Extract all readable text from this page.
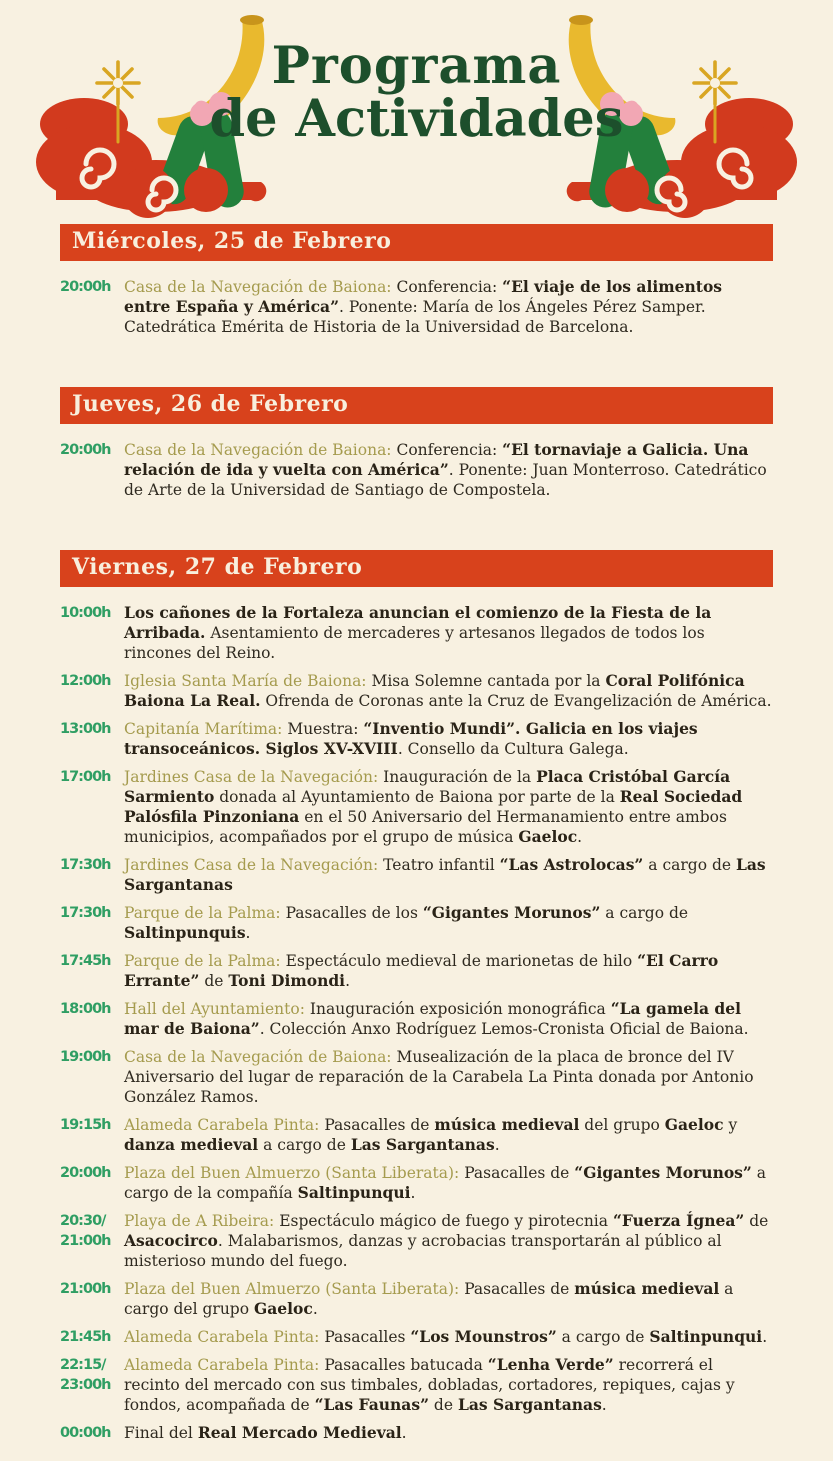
Programa
de Actividades
Miércoles, 25 de Febrero
20:00h Casa de la Navegación de Baiona: Conferencia: “El viaje de los alimentos entre España y América”. Ponente: María de los Ángeles Pérez Samper. Catedrática Emérita de Historia de la Universidad de Barcelona.
Jueves, 26 de Febrero
20:00h Casa de la Navegación de Baiona: Conferencia: “El tornaviaje a Galicia. Una relación de ida y vuelta con América”. Ponente: Juan Monterroso. Catedrático de Arte de la Universidad de Santiago de Compostela.
Viernes, 27 de Febrero
10:00h Los cañones de la Fortaleza anuncian el comienzo de la Fiesta de la Arribada. Asentamiento de mercaderes y artesanos llegados de todos los rincones del Reino.
12:00h Iglesia Santa María de Baiona: Misa Solemne cantada por la Coral Polifónica Baiona La Real. Ofrenda de Coronas ante la Cruz de Evangelización de América.
13:00h Capitanía Marítima: Muestra: “Inventio Mundi”. Galicia en los viajes transoceánicos. Siglos XV-XVIII. Consello da Cultura Galega.
17:00h Jardines Casa de la Navegación: Inauguración de la Placa Cristóbal García Sarmiento donada al Ayuntamiento de Baiona por parte de la Real Sociedad Palósfila Pinzoniana en el 50 Aniversario del Hermanamiento entre ambos municipios, acompañados por el grupo de música Gaeloc.
17:30h Jardines Casa de la Navegación: Teatro infantil “Las Astrolocas” a cargo de Las Sargantanas
17:30h Parque de la Palma: Pasacalles de los “Gigantes Morunos” a cargo de Saltinpunquis.
17:45h Parque de la Palma: Espectáculo medieval de marionetas de hilo “El Carro Errante” de Toni Dimondi.
18:00h Hall del Ayuntamiento: Inauguración exposición monográfica “La gamela del mar de Baiona”. Colección Anxo Rodríguez Lemos-Cronista Oficial de Baiona.
19:00h Casa de la Navegación de Baiona: Musealización de la placa de bronce del IV Aniversario del lugar de reparación de la Carabela La Pinta donada por Antonio González Ramos.
19:15h Alameda Carabela Pinta: Pasacalles de música medieval del grupo Gaeloc y danza medieval a cargo de Las Sargantanas.
20:00h Plaza del Buen Almuerzo (Santa Liberata): Pasacalles de “Gigantes Morunos” a cargo de la compañía Saltinpunqui.
20:30/
21:00h
Playa de A Ribeira: Espectáculo mágico de fuego y pirotecnia “Fuerza Ígnea” de Asacocirco. Malabarismos, danzas y acrobacias transportarán al público al misterioso mundo del fuego.
21:00h Plaza del Buen Almuerzo (Santa Liberata): Pasacalles de música medieval a cargo del grupo Gaeloc.
21:45h Alameda Carabela Pinta: Pasacalles “Los Mounstros” a cargo de Saltinpunqui.
22:15/
23:00h
Alameda Carabela Pinta: Pasacalles batucada “Lenha Verde” recorrerá el recinto del mercado con sus timbales, dobladas, cortadores, repiques, cajas y fondos, acompañada de “Las Faunas” de Las Sargantanas.
00:00h Final del Real Mercado Medieval.
